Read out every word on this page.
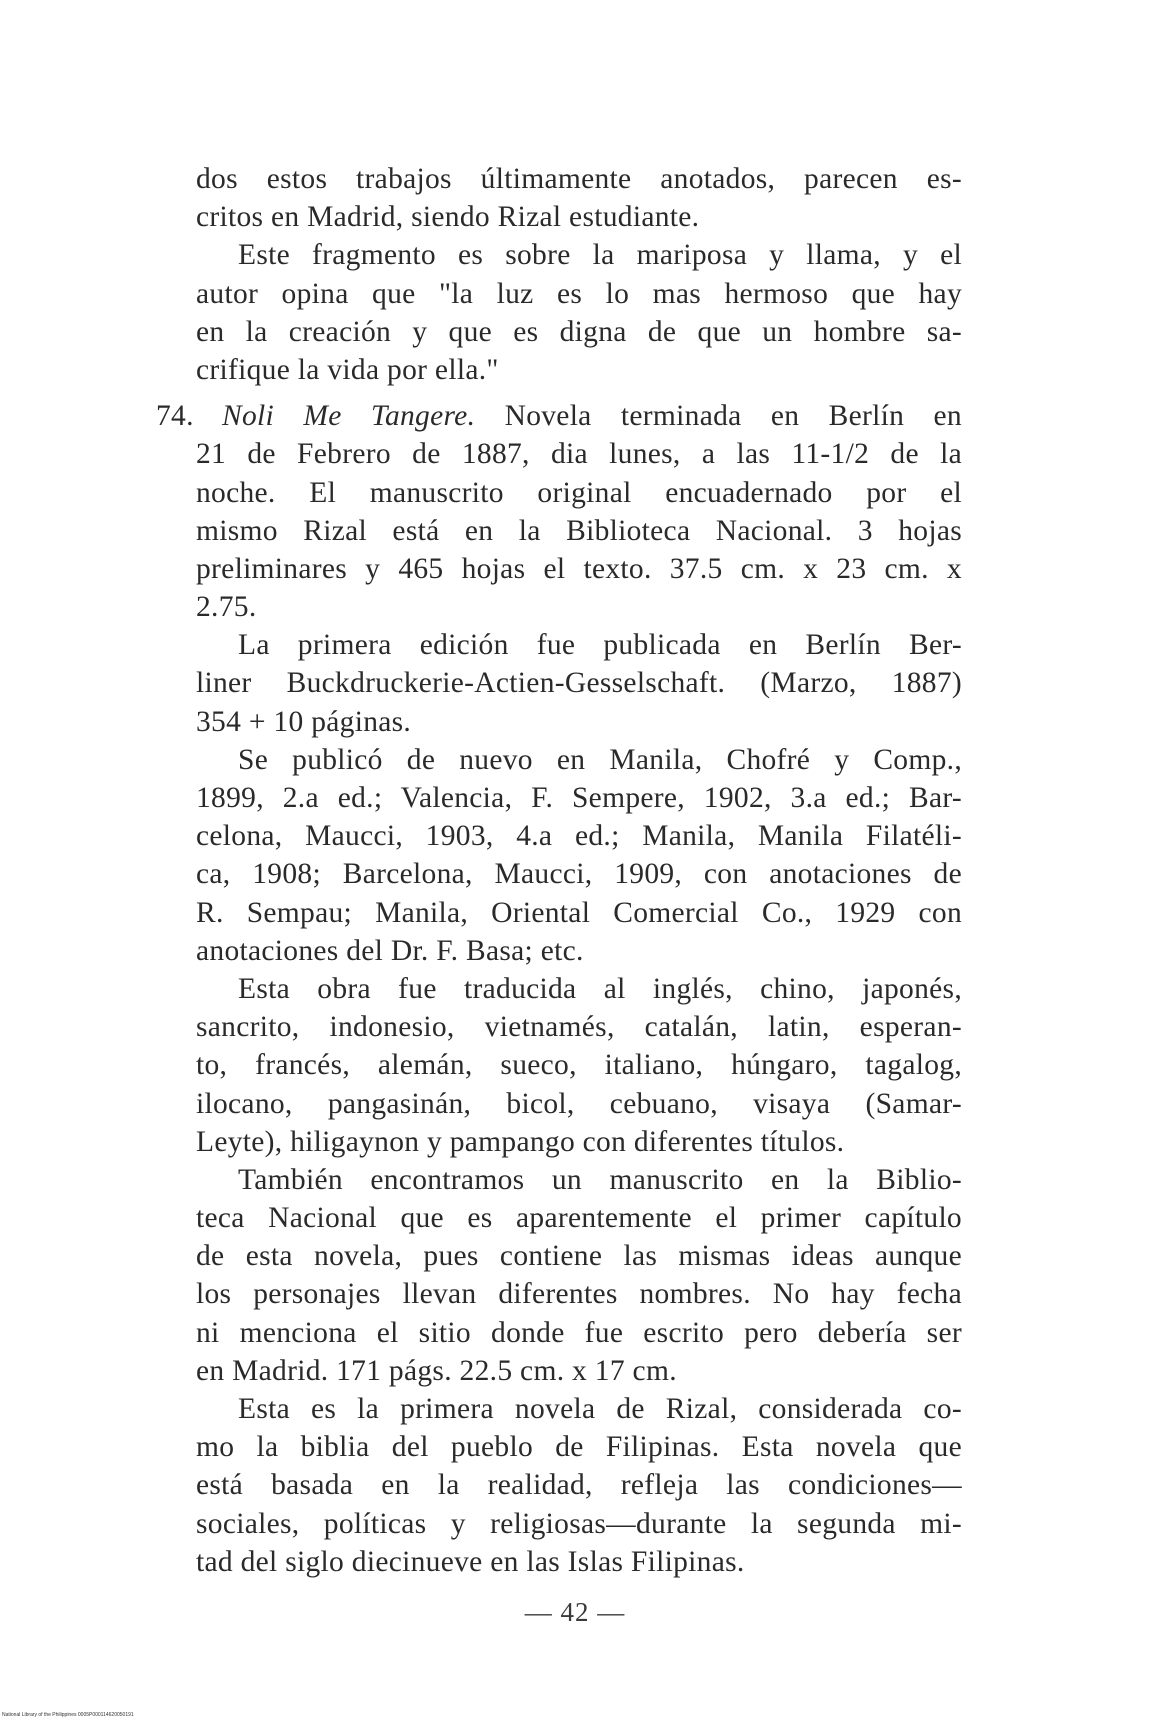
dos estos trabajos últimamente anotados, parecen es-
critos en Madrid, siendo Rizal estudiante.
Este fragmento es sobre la mariposa y llama, y el
autor opina que "la luz es lo mas hermoso que hay
en la creación y que es digna de que un hombre sa-
crifique la vida por ella."
74. Noli Me Tangere. Novela terminada en Berlín en
21 de Febrero de 1887, dia lunes, a las 11-1/2 de la
noche. El manuscrito original encuadernado por el
mismo Rizal está en la Biblioteca Nacional. 3 hojas
preliminares y 465 hojas el texto. 37.5 cm. x 23 cm. x
2.75.
La primera edición fue publicada en Berlín Ber-
liner Buckdruckerie-Actien-Gesselschaft. (Marzo, 1887)
354 + 10 páginas.
Se publicó de nuevo en Manila, Chofré y Comp.,
1899, 2.a ed.; Valencia, F. Sempere, 1902, 3.a ed.; Bar-
celona, Maucci, 1903, 4.a ed.; Manila, Manila Filatéli-
ca, 1908; Barcelona, Maucci, 1909, con anotaciones de
R. Sempau; Manila, Oriental Comercial Co., 1929 con
anotaciones del Dr. F. Basa; etc.
Esta obra fue traducida al inglés, chino, japonés,
sancrito, indonesio, vietnamés, catalán, latin, esperan-
to, francés, alemán, sueco, italiano, húngaro, tagalog,
ilocano, pangasinán, bicol, cebuano, visaya (Samar-
Leyte), hiligaynon y pampango con diferentes títulos.
También encontramos un manuscrito en la Biblio-
teca Nacional que es aparentemente el primer capítulo
de esta novela, pues contiene las mismas ideas aunque
los personajes llevan diferentes nombres. No hay fecha
ni menciona el sitio donde fue escrito pero debería ser
en Madrid. 171 págs. 22.5 cm. x 17 cm.
Esta es la primera novela de Rizal, considerada co-
mo la biblia del pueblo de Filipinas. Esta novela que
está basada en la realidad, refleja las condiciones—
sociales, políticas y religiosas—durante la segunda mi-
tad del siglo diecinueve en las Islas Filipinas.
— 42 —
National Library of the Philippines 0005P000114620050191
